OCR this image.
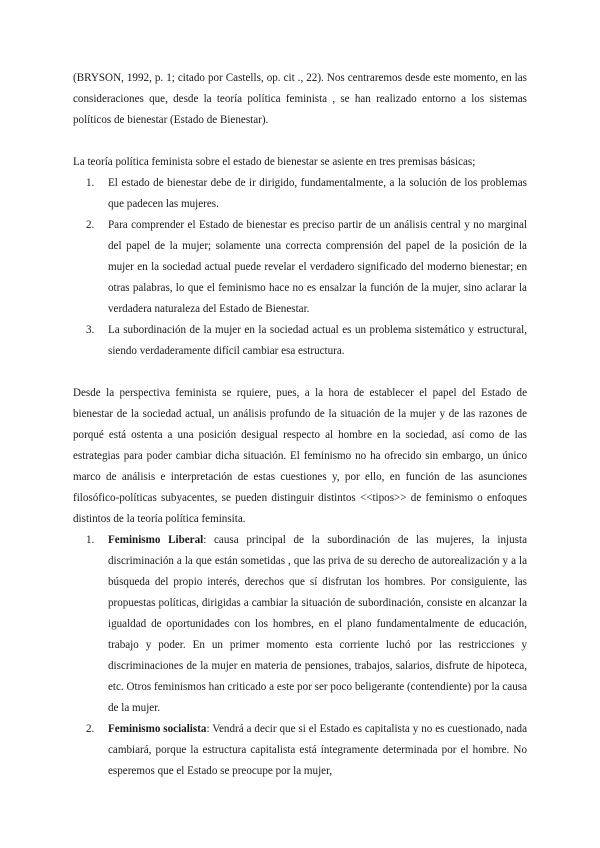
(BRYSON, 1992, p. 1; citado por Castells, op. cit ., 22). Nos centraremos desde este momento, en las consideraciones que, desde la teoría política feminista , se han realizado entorno a los sistemas políticos de bienestar (Estado de Bienestar).

La teoría política feminista sobre el estado de bienestar se asiente en tres premisas básicas;

1. El estado de bienestar debe de ir dirigido, fundamentalmente, a la solución de los problemas que padecen las mujeres.
2. Para comprender el Estado de bienestar es preciso partir de un análisis central y no marginal del papel de la mujer; solamente una correcta comprensión del papel de la posición de la mujer en la sociedad actual puede revelar el verdadero significado del moderno bienestar; en otras palabras, lo que el feminismo hace no es ensalzar la función de la mujer, sino aclarar la verdadera naturaleza del Estado de Bienestar.
3. La subordinación de la mujer en la sociedad actual es un problema sistemático y estructural, siendo verdaderamente difícil cambiar esa estructura.

Desde la perspectiva feminista se rquiere, pues, a la hora de establecer el papel del Estado de bienestar de la sociedad actual, un análisis profundo de la situación de la mujer y de las razones de porqué está ostenta a una posición desigual respecto al hombre en la sociedad, así como de las estrategias para poder cambiar dicha situación. El feminismo no ha ofrecido sin embargo, un único marco de análisis e interpretación de estas cuestiones y, por ello, en función de las asunciones filosófico-políticas subyacentes, se pueden distinguir distintos <<tipos>> de feminismo o enfoques distintos de la teoría política feminsita.

1. Feminismo Liberal: causa principal de la subordinación de las mujeres, la injusta discriminación a la que están sometidas , que las priva de su derecho de autorealización y a la búsqueda del propio interés, derechos que sí disfrutan los hombres. Por consiguiente, las propuestas políticas, dirigidas a cambiar la situación de subordinación, consiste en alcanzar la igualdad de oportunidades con los hombres, en el plano fundamentalmente de educación, trabajo y poder. En un primer momento esta corriente luchó por las restricciones y discriminaciones de la mujer en materia de pensiones, trabajos, salarios, disfrute de hipoteca, etc. Otros feminismos han criticado a este por ser poco beligerante (contendiente) por la causa de la mujer.
2. Feminismo socialista: Vendrá a decir que si el Estado es capitalista y no es cuestionado, nada cambiará, porque la estructura capitalista está íntegramente determinada por el hombre. No esperemos que el Estado se preocupe por la mujer,
